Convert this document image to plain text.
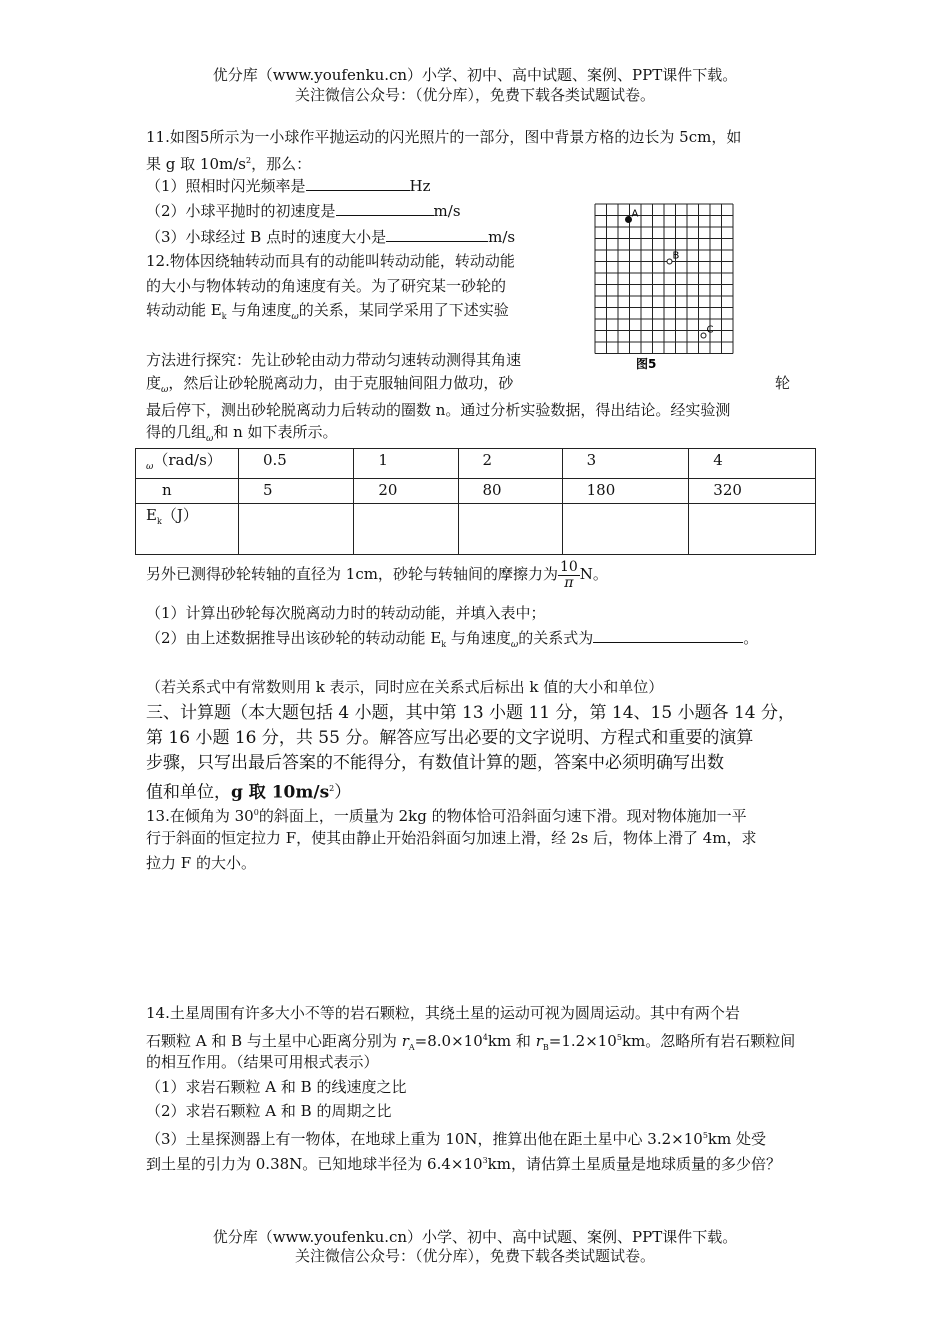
优分库（www.youfenku.cn）小学、初中、高中试题、案例、PPT课件下载。
关注微信公众号：（优分库），免费下载各类试题试卷。
11.如图5所示为一小球作平抛运动的闪光照片的一部分，图中背景方格的边长为 5cm，如
果 g 取 $10m/s^2$，那么：
（1）照相时闪光频率是	Hz
（2）小球平抛时的初速度是	m/s
（3）小球经过 B 点时的速度大小是	m/s
A
B
C
图5
12.物体因绕轴转动而具有的动能叫转动动能，转动动能
的大小与物体转动的角速度有关。为了研究某一砂轮的
转动动能 $E_k$ 与角速度$_\omega$的关系，某同学采用了下述实验
方法进行探究：先让砂轮由动力带动匀速转动测得其角速
度$_\omega$，然后让砂轮脱离动力，由于克服轴间阻力做功，砂	轮
最后停下，测出砂轮脱离动力后转动的圈数 n。通过分析实验数据，得出结论。经实验测
得的几组$_\omega$和 n 如下表所示。
$_\omega$（rad/s）	0.5	1	2	3	4
n	5	20	80	180	320
$E_k(J)$					
另外已测得砂轮转轴的直径为 1cm，砂轮与转轴间的摩擦力为 $\frac{10}{\pi}$ N。
（1）计算出砂轮每次脱离动力时的转动动能，并填入表中；
（2）由上述数据推导出该砂轮的转动动能 $E_k$ 与角速度$_\omega$的关系式为	。
（若关系式中有常数则用 k 表示，同时应在关系式后标出 k 值的大小和单位）
三、计算题（本大题包括 4 小题，其中第 13 小题 11 分，第 14、15 小题各 14 分，
第 16 小题 16 分，共 55 分。解答应写出必要的文字说明、方程式和重要的演算
步骤，只写出最后答案的不能得分，有数值计算的题，答案中必须明确写出数
值和单位，g 取 $10m/s^2$）
13.在倾角为 $30^0$的斜面上，一质量为 2kg 的物体恰可沿斜面匀速下滑。现对物体施加一平
行于斜面的恒定拉力 F，使其由静止开始沿斜面匀加速上滑，经 2s 后，物体上滑了 4m，求
拉力 F 的大小。
14.土星周围有许多大小不等的岩石颗粒，其绕土星的运动可视为圆周运动。其中有两个岩
石颗粒 A 和 B 与土星中心距离分别为 $r_A=8.0\times 10^4km$ 和 $r_B=1.2\times 10^5km$。忽略所有岩石颗粒间
的相互作用。（结果可用根式表示）
（1）求岩石颗粒 A 和 B 的线速度之比
（2）求岩石颗粒 A 和 B 的周期之比
（3）土星探测器上有一物体，在地球上重为 10N，推算出他在距土星中心 $3.2\times 10^5km$ 处受
到土星的引力为 0.38N。已知地球半径为 $6.4\times 10^3km$，请估算土星质量是地球质量的多少倍？
优分库（www.youfenku.cn）小学、初中、高中试题、案例、PPT课件下载。
关注微信公众号：（优分库），免费下载各类试题试卷。
